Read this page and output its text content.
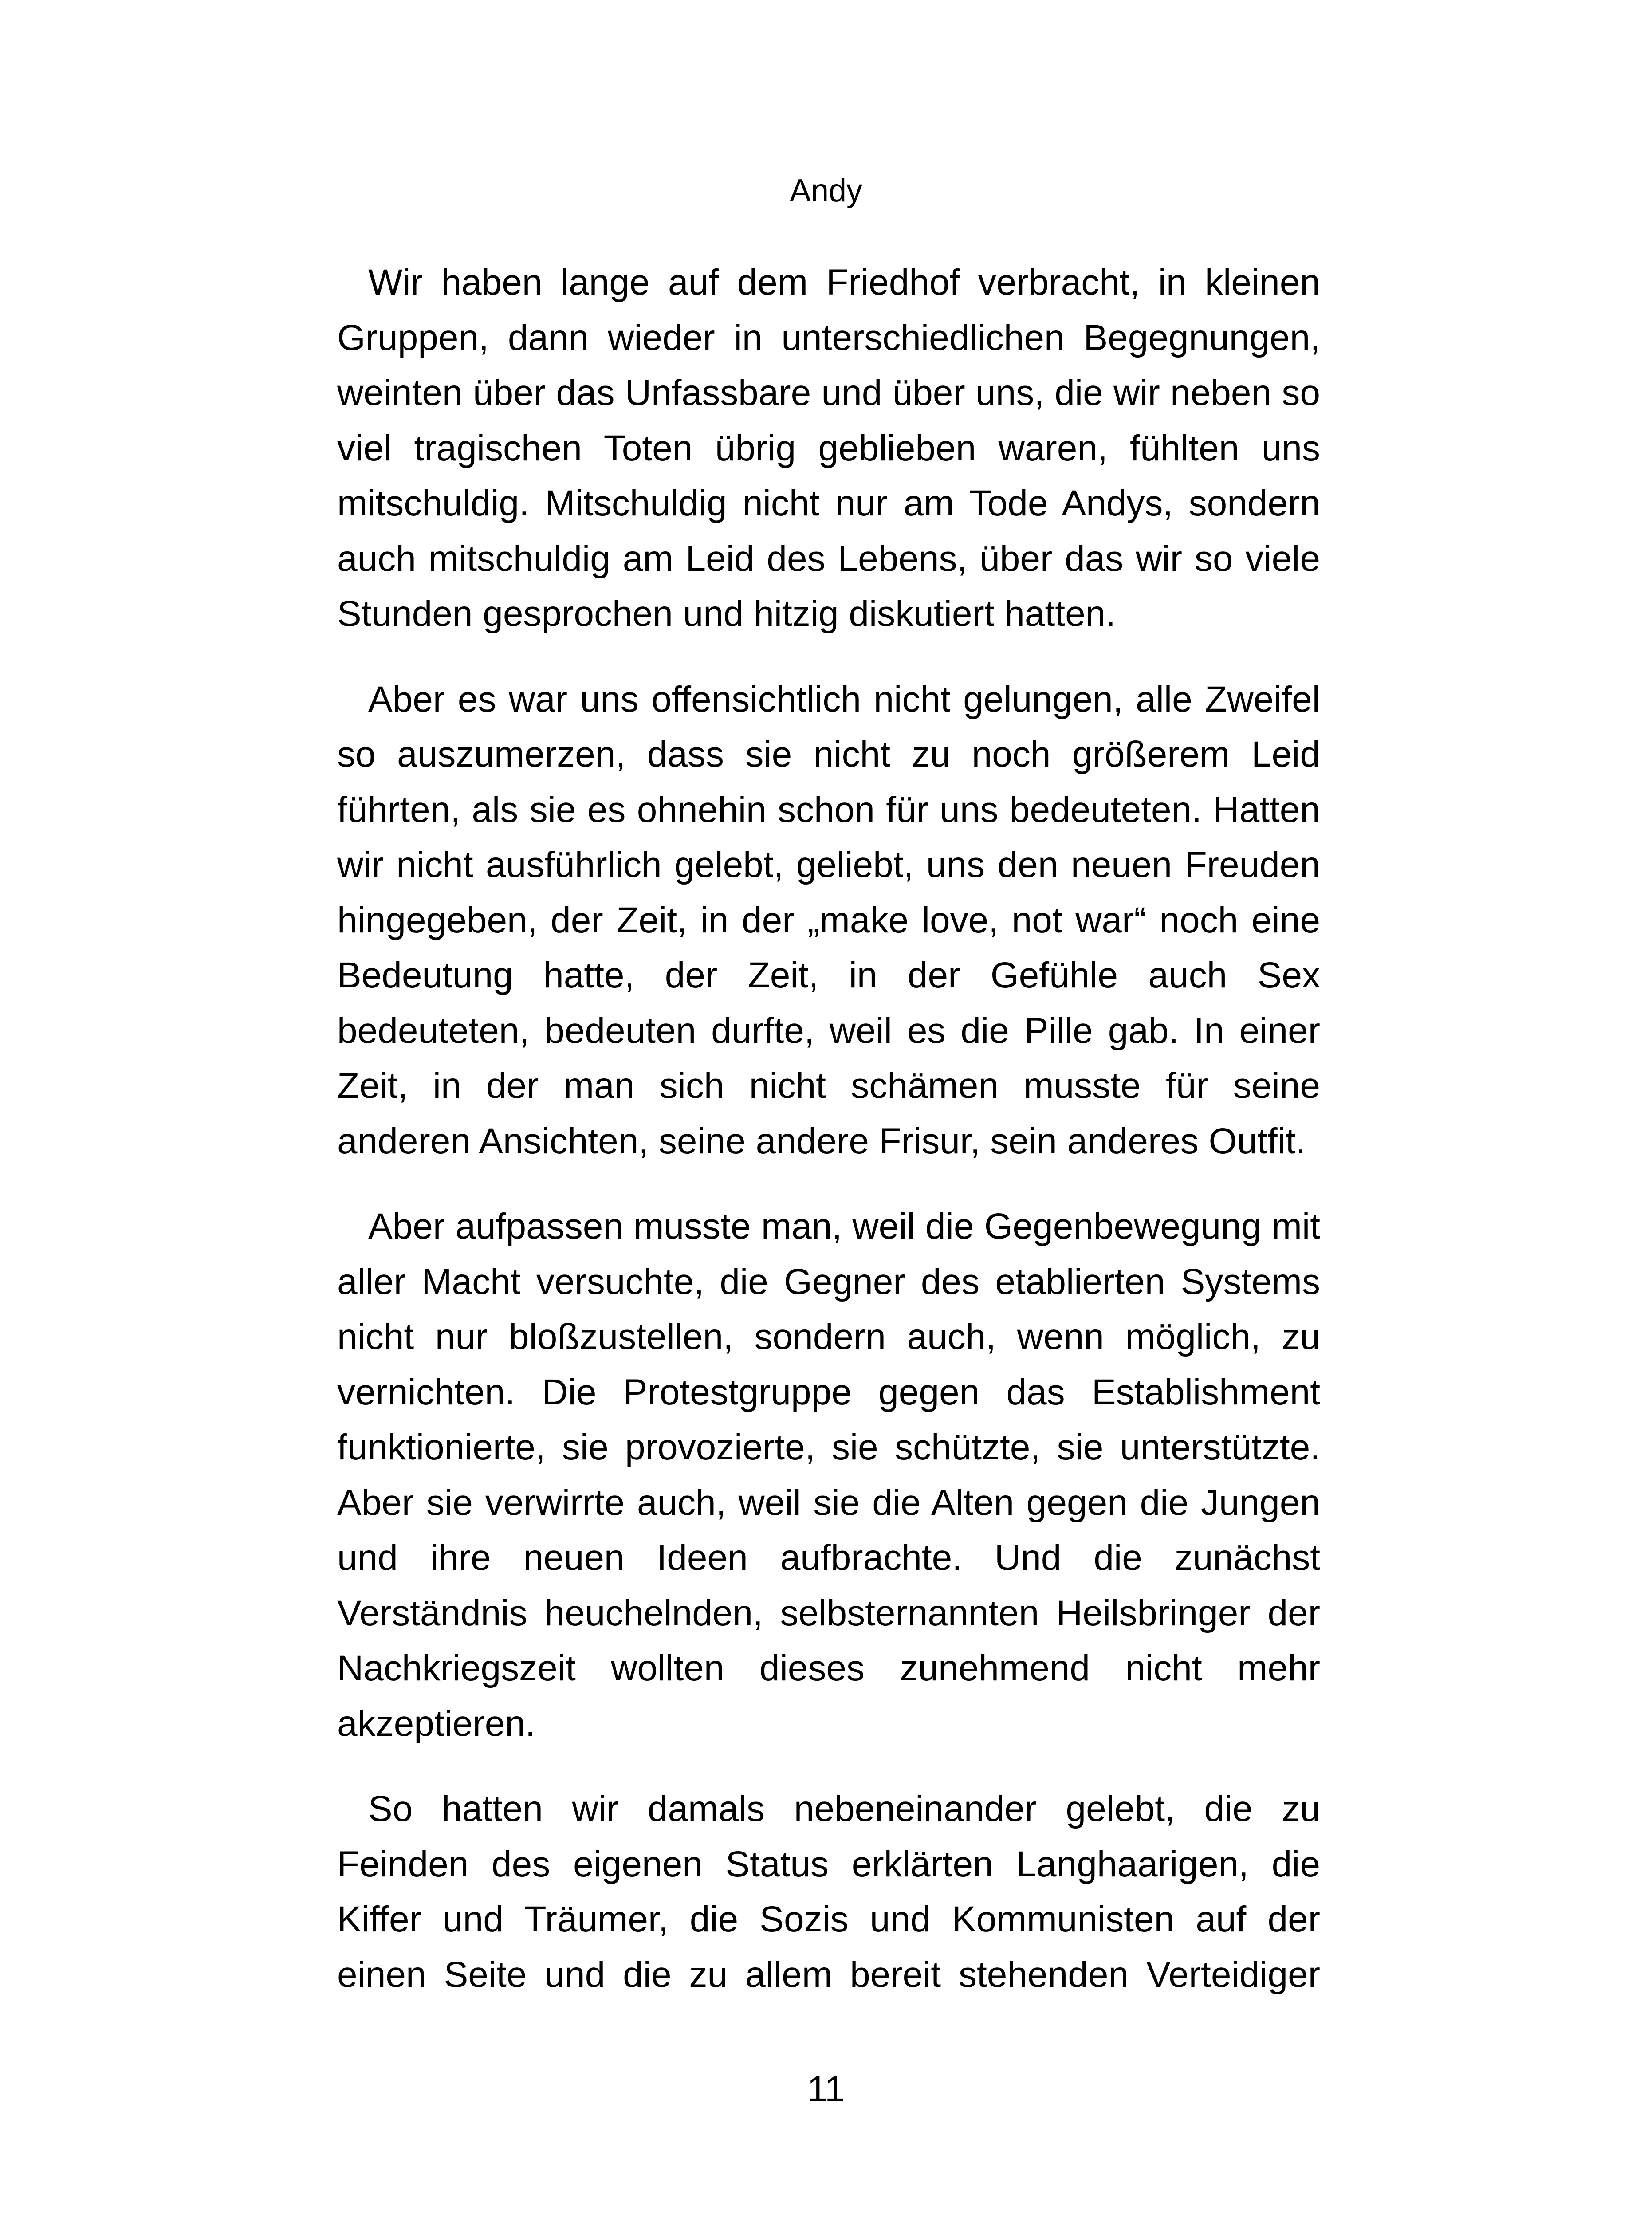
Andy

Wir haben lange auf dem Friedhof verbracht, in kleinen Gruppen, dann wieder in unterschiedlichen Begegnungen, weinten über das Unfassbare und über uns, die wir neben so viel tragischen Toten übrig geblieben waren, fühlten uns mitschuldig. Mitschuldig nicht nur am Tode Andys, sondern auch mitschuldig am Leid des Lebens, über das wir so viele Stunden gesprochen und hitzig diskutiert hatten.

Aber es war uns offensichtlich nicht gelungen, alle Zweifel so auszumerzen, dass sie nicht zu noch größerem Leid führten, als sie es ohnehin schon für uns bedeuteten. Hatten wir nicht ausführlich gelebt, geliebt, uns den neuen Freuden hingegeben, der Zeit, in der „make love, not war“ noch eine Bedeutung hatte, der Zeit, in der Gefühle auch Sex bedeuteten, bedeuten durfte, weil es die Pille gab. In einer Zeit, in der man sich nicht schämen musste für seine anderen Ansichten, seine andere Frisur, sein anderes Outfit.

Aber aufpassen musste man, weil die Gegenbewegung mit aller Macht versuchte, die Gegner des etablierten Systems nicht nur bloßzustellen, sondern auch, wenn möglich, zu vernichten. Die Protestgruppe gegen das Establishment funktionierte, sie provozierte, sie schützte, sie unterstützte. Aber sie verwirrte auch, weil sie die Alten gegen die Jungen und ihre neuen Ideen aufbrachte. Und die zunächst Verständnis heuchelnden, selbsternannten Heilsbringer der Nachkriegszeit wollten dieses zunehmend nicht mehr akzeptieren.

So hatten wir damals nebeneinander gelebt, die zu Feinden des eigenen Status erklärten Langhaarigen, die Kiffer und Träumer, die Sozis und Kommunisten auf der einen Seite und die zu allem bereit stehenden Verteidiger

11
